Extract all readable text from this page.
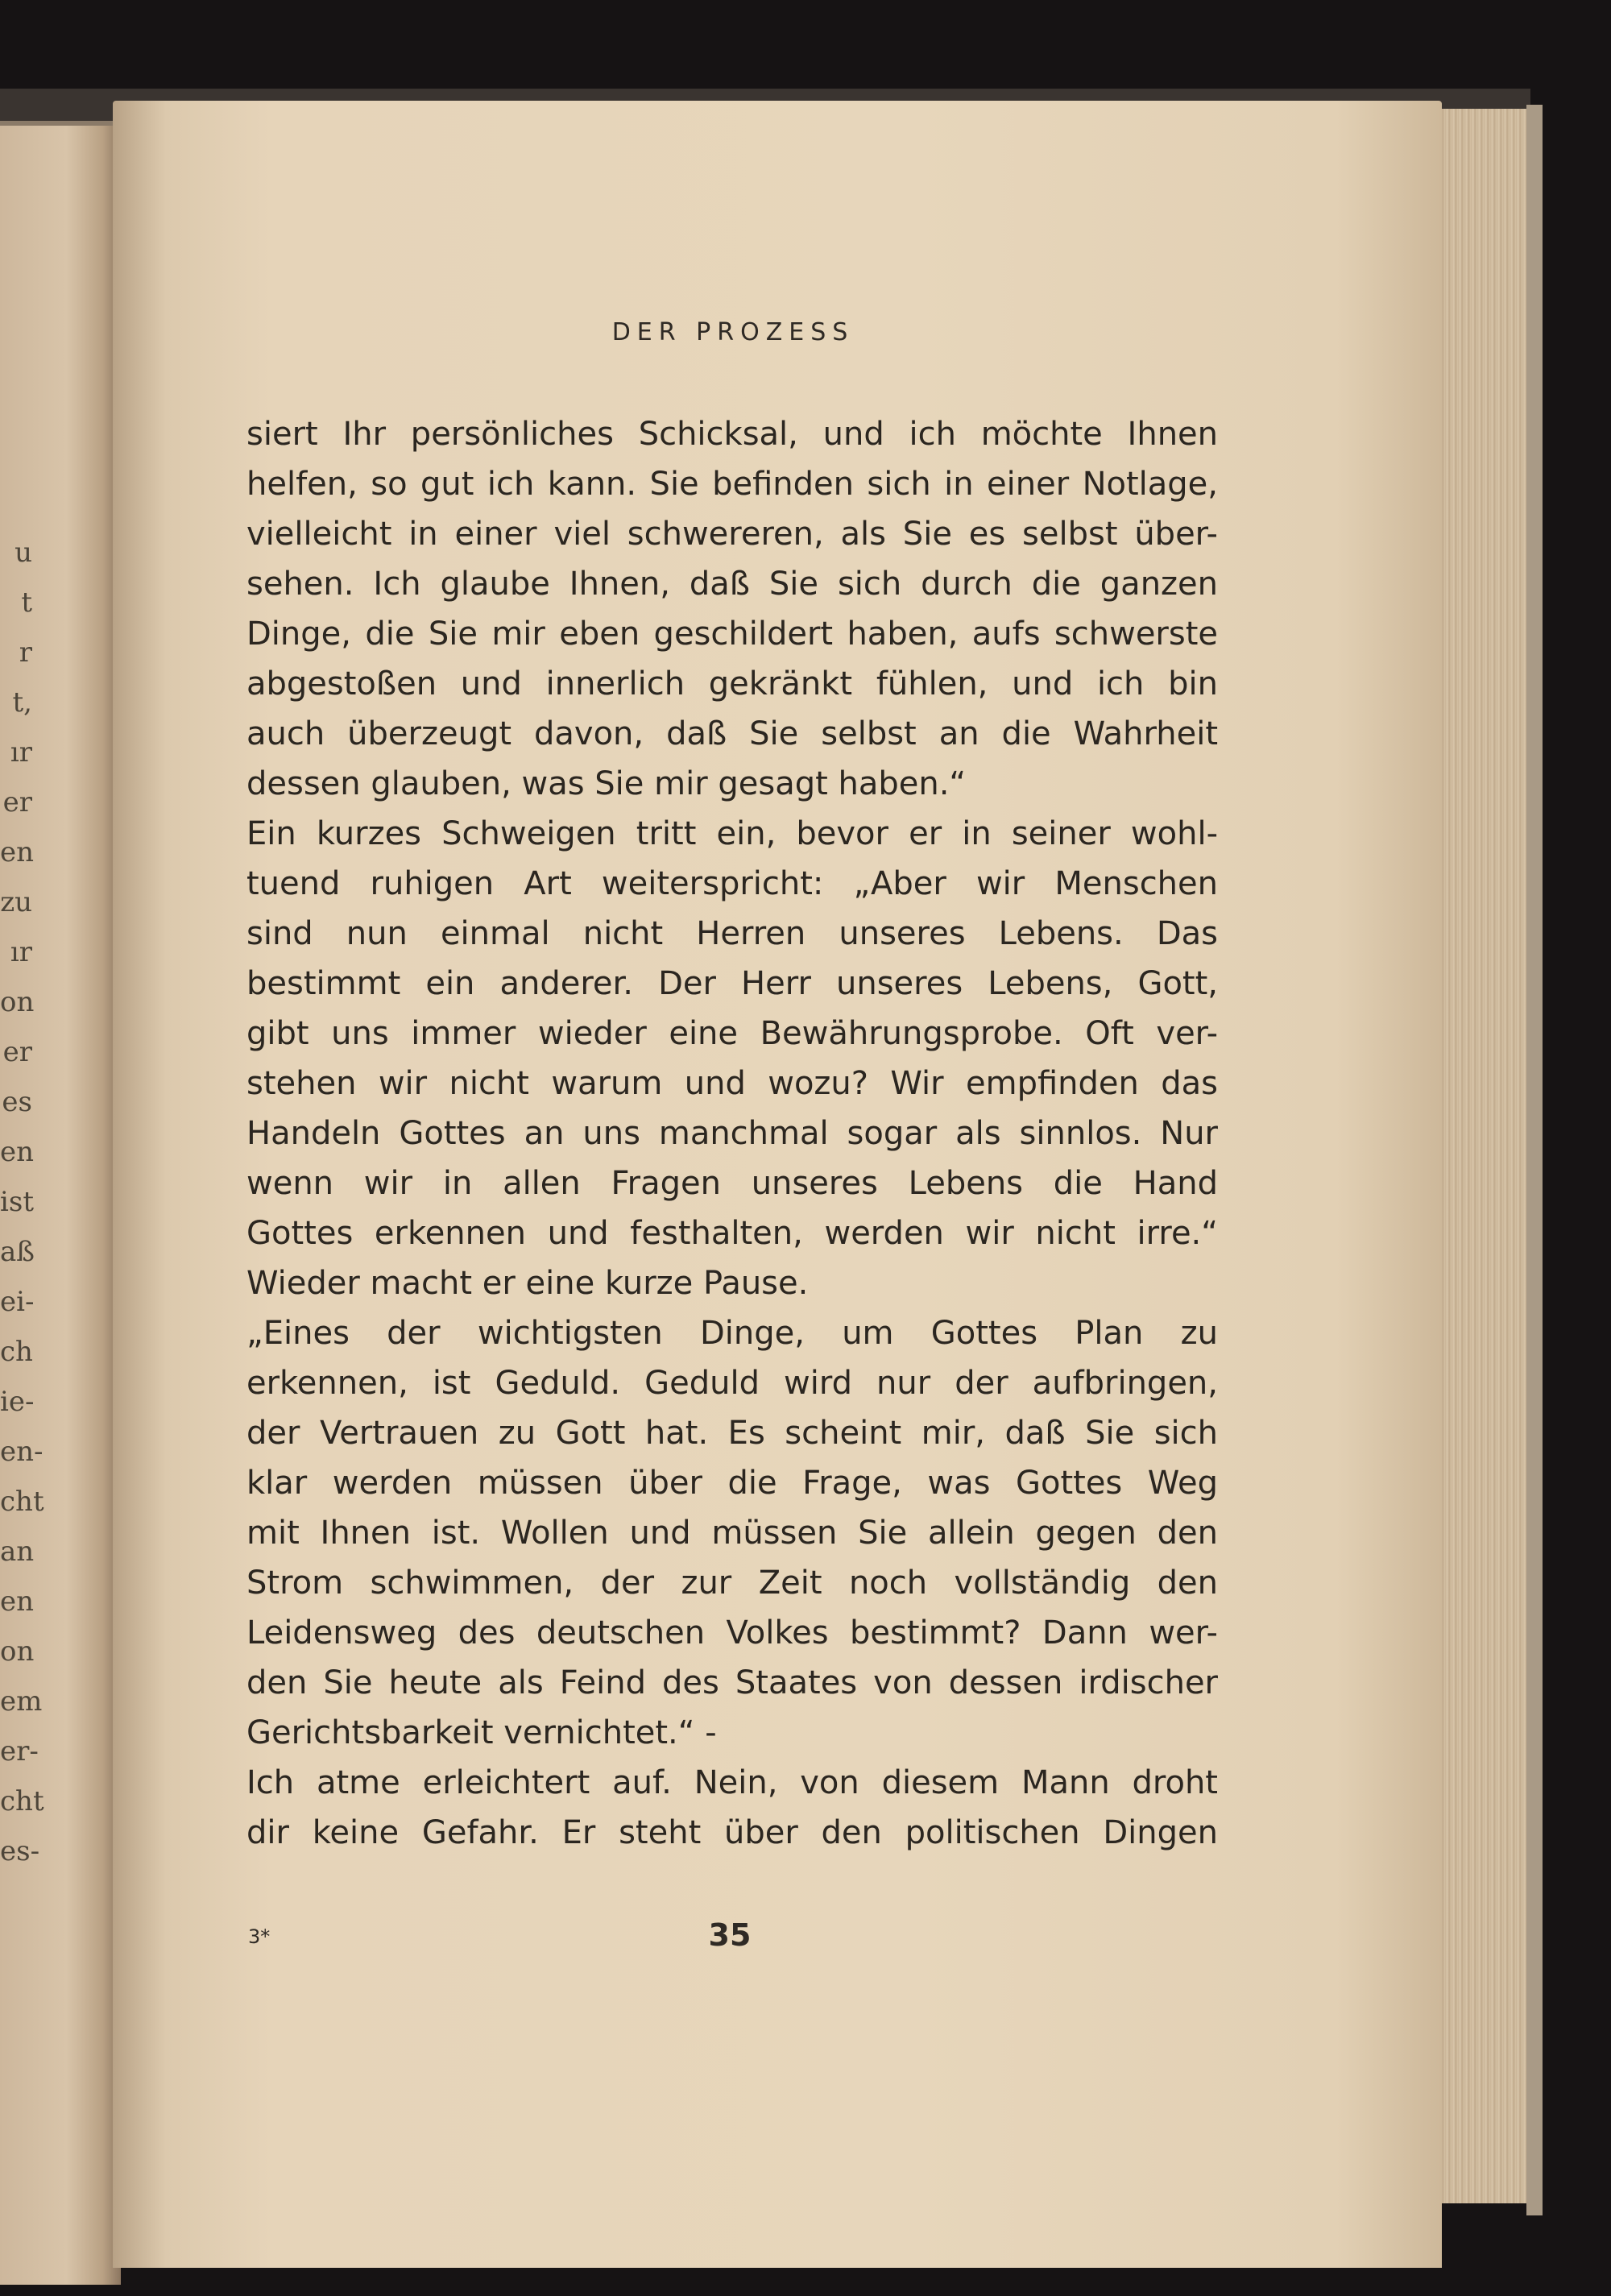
u
t
r
t,
ır
er
en
zu
ır
on
er
es
en
ist
aß
ei-
ch
ie-
en-
cht
an
en
on
em
er-
cht
es-
DER PROZESS
siert Ihr persönliches Schicksal, und ich möchte Ihnen
helfen, so gut ich kann. Sie befinden sich in einer Notlage,
vielleicht in einer viel schwereren, als Sie es selbst über-
sehen. Ich glaube Ihnen, daß Sie sich durch die ganzen
Dinge, die Sie mir eben geschildert haben, aufs schwerste
abgestoßen und innerlich gekränkt fühlen, und ich bin
auch überzeugt davon, daß Sie selbst an die Wahrheit
dessen glauben, was Sie mir gesagt haben.“
Ein kurzes Schweigen tritt ein, bevor er in seiner wohl-
tuend ruhigen Art weiterspricht: „Aber wir Menschen
sind nun einmal nicht Herren unseres Lebens. Das
bestimmt ein anderer. Der Herr unseres Lebens, Gott,
gibt uns immer wieder eine Bewährungsprobe. Oft ver-
stehen wir nicht warum und wozu? Wir empfinden das
Handeln Gottes an uns manchmal sogar als sinnlos. Nur
wenn wir in allen Fragen unseres Lebens die Hand
Gottes erkennen und festhalten, werden wir nicht irre.“
Wieder macht er eine kurze Pause.
„Eines der wichtigsten Dinge, um Gottes Plan zu
erkennen, ist Geduld. Geduld wird nur der aufbringen,
der Vertrauen zu Gott hat. Es scheint mir, daß Sie sich
klar werden müssen über die Frage, was Gottes Weg
mit Ihnen ist. Wollen und müssen Sie allein gegen den
Strom schwimmen, der zur Zeit noch vollständig den
Leidensweg des deutschen Volkes bestimmt? Dann wer-
den Sie heute als Feind des Staates von dessen irdischer
Gerichtsbarkeit vernichtet.“ -
Ich atme erleichtert auf. Nein, von diesem Mann droht
dir keine Gefahr. Er steht über den politischen Dingen
3*	35
